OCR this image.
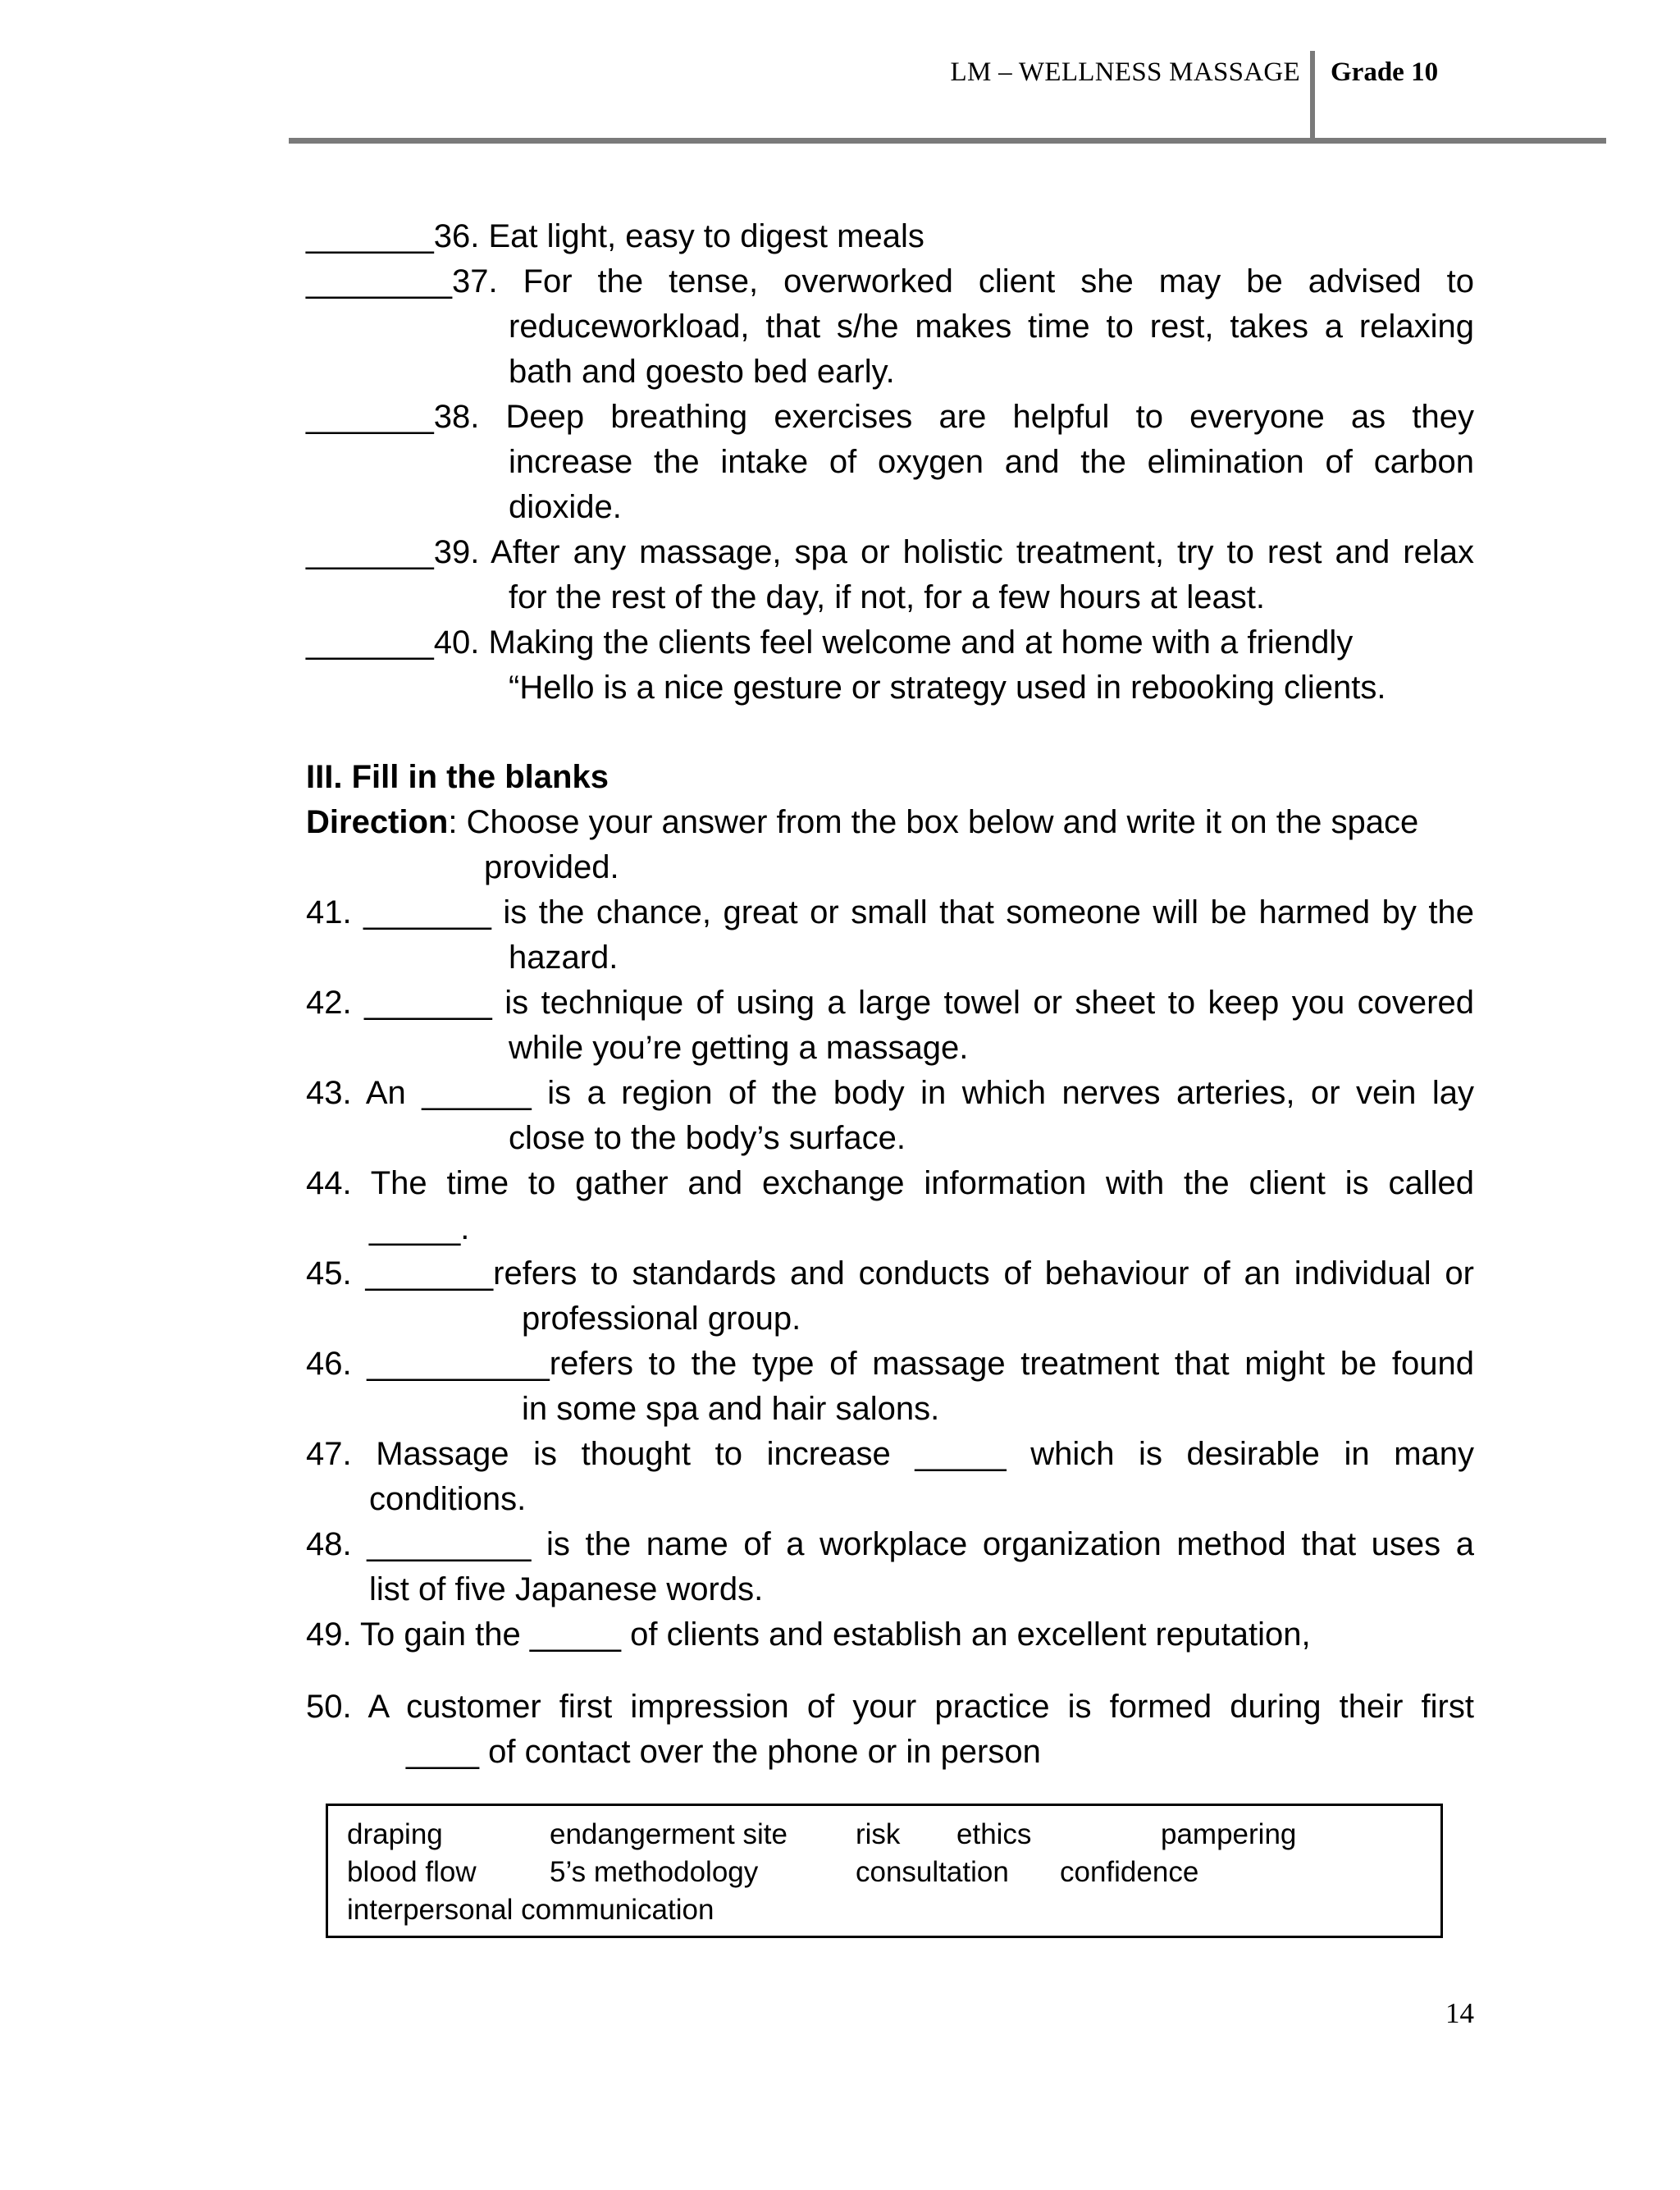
LM – WELLNESS MASSAGE Grade 10
_______36. Eat light, easy to digest meals
________37. For the tense, overworked client she may be advised to
reduceworkload, that s/he makes time to rest, takes a relaxing
bath and goesto bed early.
_______38. Deep breathing exercises are helpful to everyone as they
increase the intake of oxygen and the elimination of carbon
dioxide.
_______39. After any massage, spa or holistic treatment, try to rest and relax
for the rest of the day, if not, for a few hours at least.
_______40. Making the clients feel welcome and at home with a friendly
“Hello is a nice gesture or strategy used in rebooking clients.
III. Fill in the blanks
Direction: Choose your answer from the box below and write it on the space
provided.
41. _______ is the chance, great or small that someone will be harmed by the
hazard.
42. _______ is technique of using a large towel or sheet to keep you covered
while you’re getting a massage.
43. An ______ is a region of the body in which nerves arteries, or vein lay
close to the body’s surface.
44. The time to gather and exchange information with the client is called
_____.
45. _______refers to standards and conducts of behaviour of an individual or
professional group.
46. __________refers to the type of massage treatment that might be found
in some spa and hair salons.
47. Massage is thought to increase _____ which is desirable in many
conditions.
48. _________ is the name of a workplace organization method that uses a
list of five Japanese words.
49. To gain the _____ of clients and establish an excellent reputation,
50. A customer first impression of your practice is formed during their first
____ of contact over the phone or in person
draping	endangerment site risk ethics	pampering
blood flow	5’s methodology	consultation confidence
interpersonal communication
14
